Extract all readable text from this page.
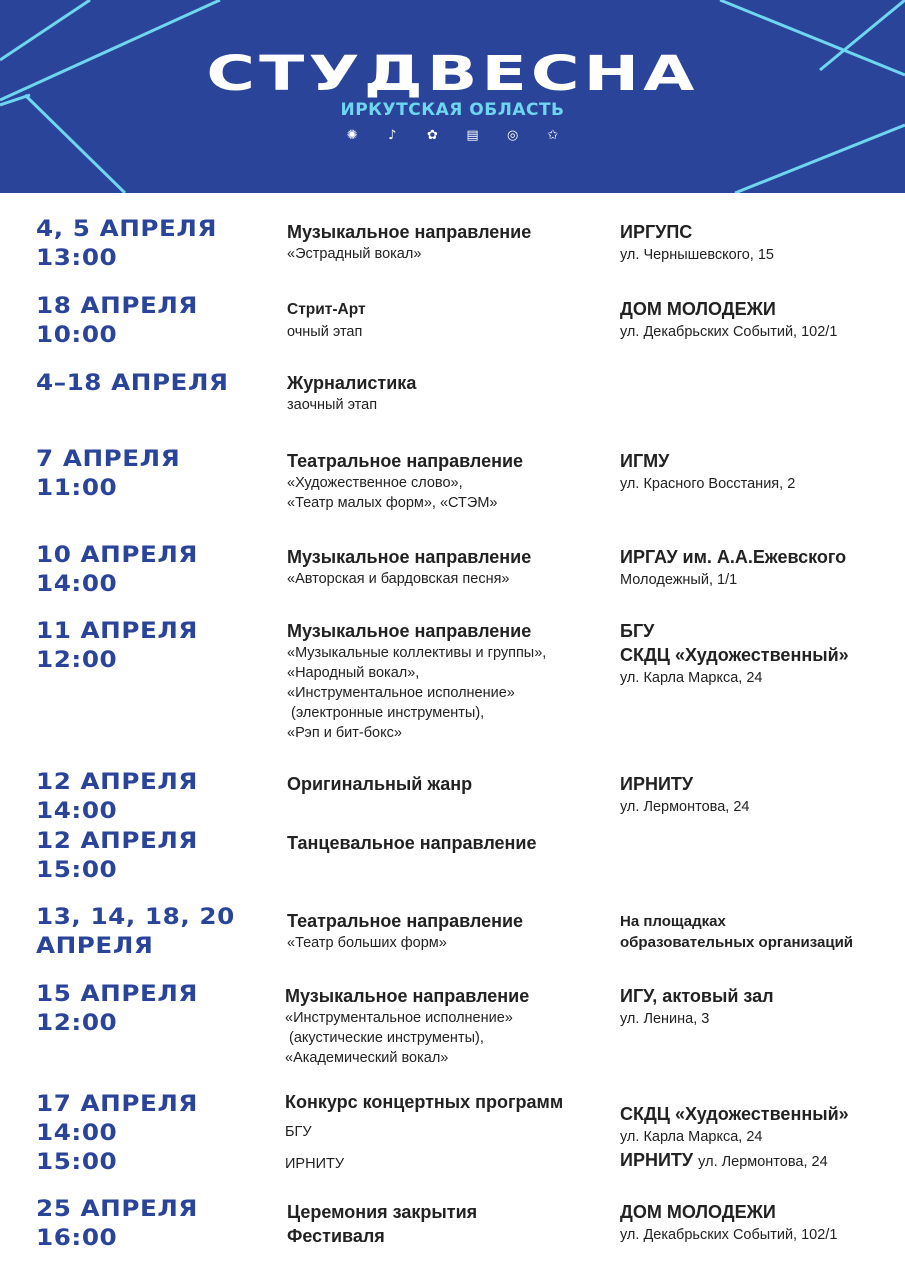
СТУДВЕСНА
ИРКУТСКАЯ ОБЛАСТЬ
✺ ♪ ✿ ▤ ◎ ✩
4, 5 АПРЕЛЯ
13:00
Музыкальное направление
«Эстрадный вокал»
ИРГУПС
ул. Чернышевского, 15
18 АПРЕЛЯ
10:00
Стрит-Арт
очный этап
ДОМ МОЛОДЕЖИ
ул. Декабрьских Событий, 102/1
4–18 АПРЕЛЯ	Журналистика
заочный этап
7 АПРЕЛЯ
11:00
Театральное направление
«Художественное слово»,
«Театр малых форм», «СТЭМ»
ИГМУ
ул. Красного Восстания, 2
10 АПРЕЛЯ
14:00
Музыкальное направление
«Авторская и бардовская песня»
ИРГАУ им. А.А.Ежевского
Молодежный, 1/1
11 АПРЕЛЯ
12:00
Музыкальное направление
«Музыкальные коллективы и группы»,
«Народный вокал»,
«Инструментальное исполнение»
(электронные инструменты),
«Рэп и бит-бокс»
БГУ
СКДЦ «Художественный»
ул. Карла Маркса, 24
12 АПРЕЛЯ
14:00
Оригинальный жанр	ИРНИТУ
ул. Лермонтова, 24
12 АПРЕЛЯ
15:00
Танцевальное направление
13, 14, 18, 20
АПРЕЛЯ
Театральное направление
«Театр больших форм»
На площадках
образовательных организаций
15 АПРЕЛЯ
12:00
Музыкальное направление
«Инструментальное исполнение»
(акустические инструменты),
«Академический вокал»
ИГУ, актовый зал
ул. Ленина, 3
17 АПРЕЛЯ
14:00
15:00
Конкурс концертных программ
БГУ
ИРНИТУ
СКДЦ «Художественный»
ул. Карла Маркса, 24
ИРНИТУ ул. Лермонтова, 24
25 АПРЕЛЯ
16:00
Церемония закрытия
Фестиваля
ДОМ МОЛОДЕЖИ
ул. Декабрьских Событий, 102/1
